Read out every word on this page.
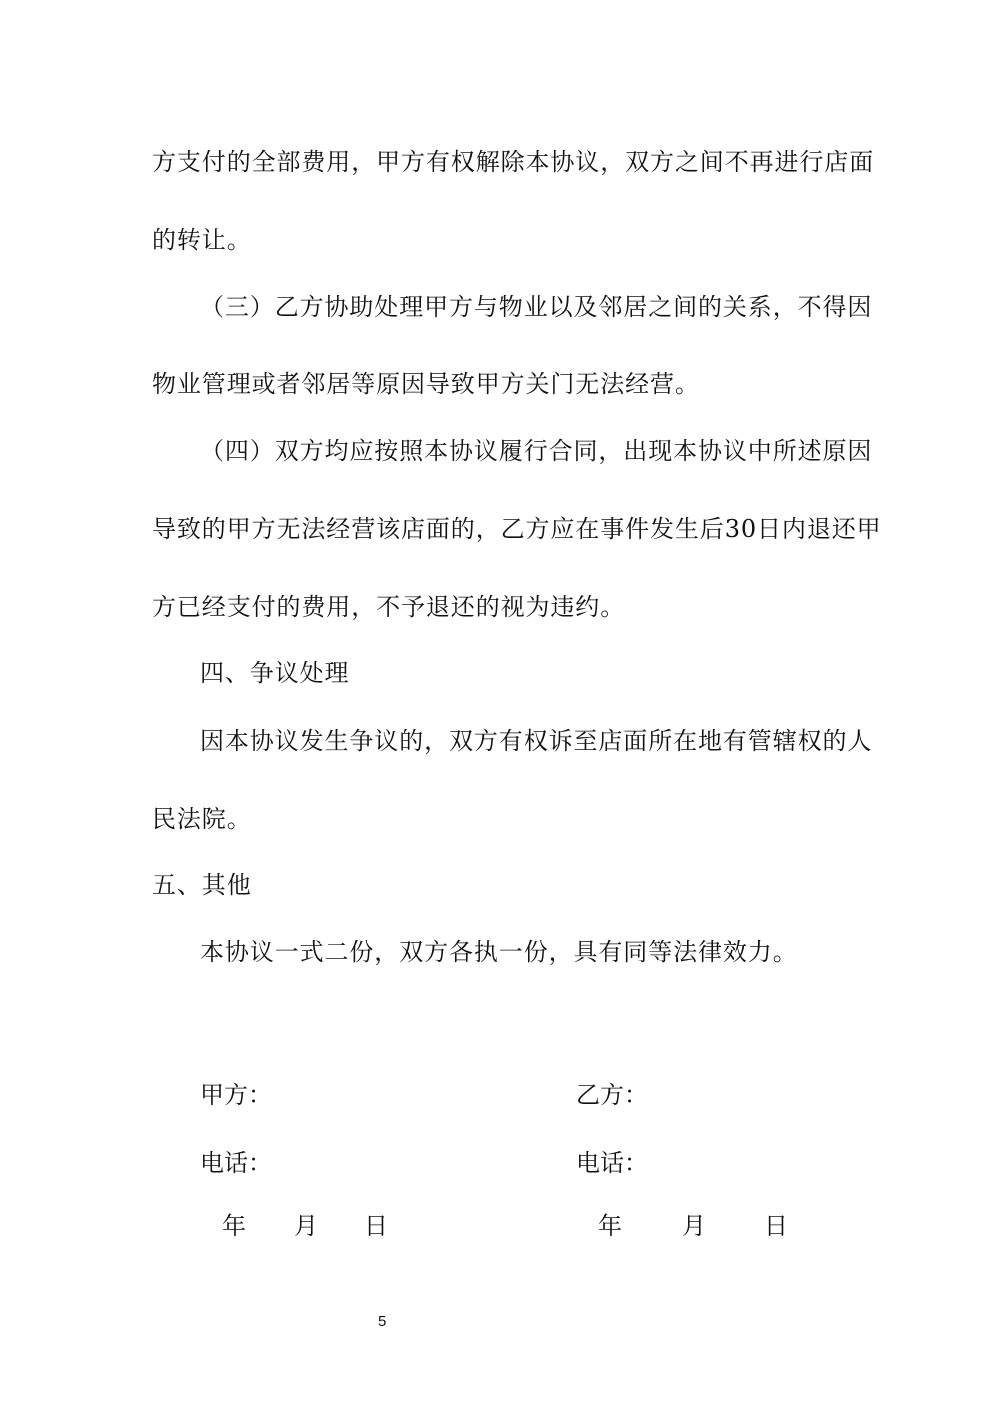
方支付的全部费用，甲方有权解除本协议，双方之间不再进行店面
的转让。
（三）乙方协助处理甲方与物业以及邻居之间的关系，不得因
物业管理或者邻居等原因导致甲方关门无法经营。
（四）双方均应按照本协议履行合同，出现本协议中所述原因
导致的甲方无法经营该店面的，乙方应在事件发生后30日内退还甲
方已经支付的费用，不予退还的视为违约。
四、争议处理
因本协议发生争议的，双方有权诉至店面所在地有管辖权的人
民法院。
五、其他
本协议一式二份，双方各执一份，具有同等法律效力。
甲方：
电话：
年 月 日
乙方：
电话：
年	月 日
5
